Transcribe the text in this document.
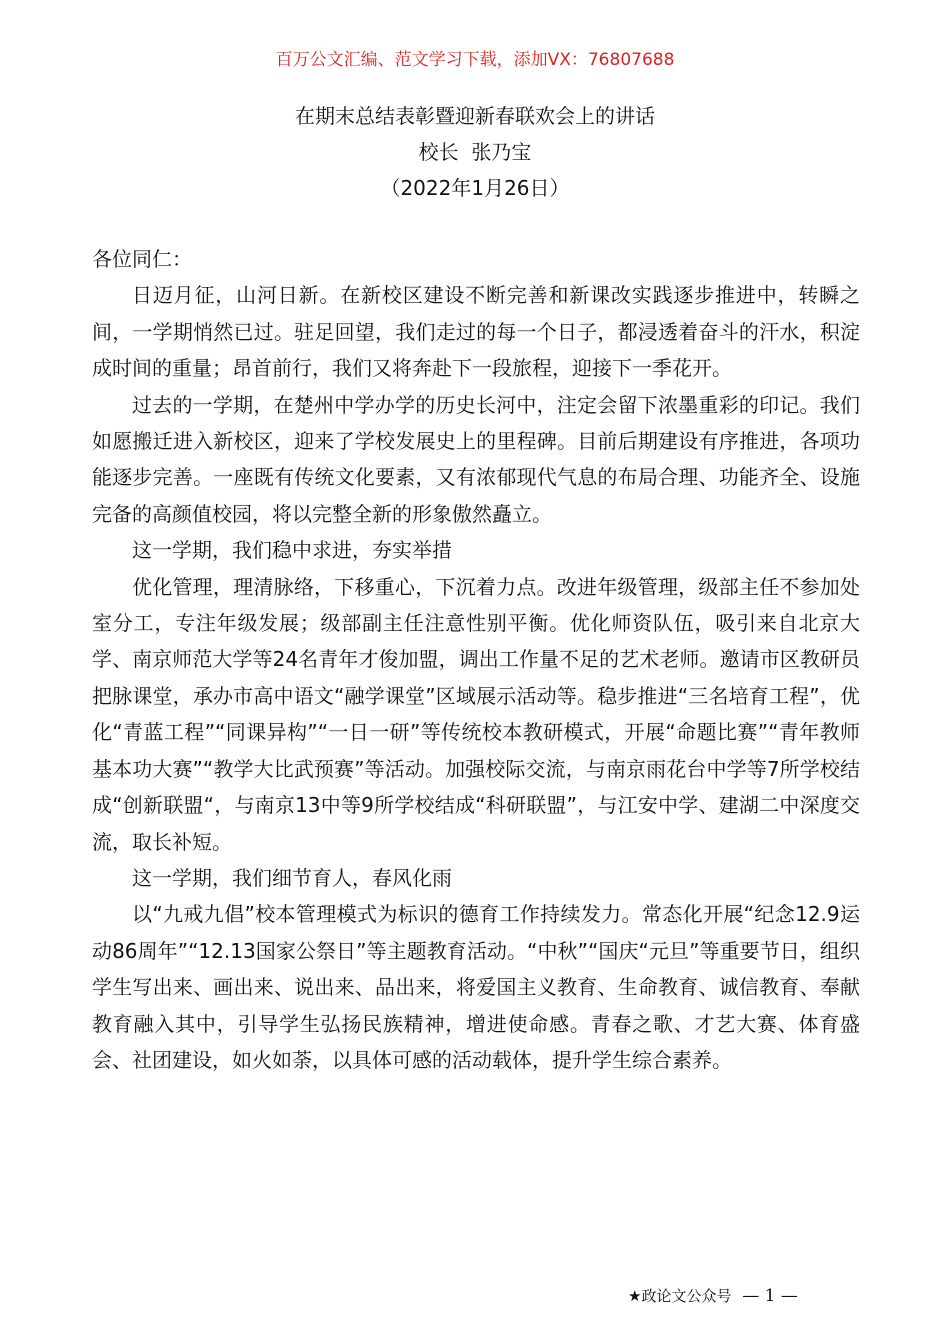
百万公文汇编、范文学习下载，添加VX：76807688
在期末总结表彰暨迎新春联欢会上的讲话
校长  张乃宝
（2022年1月26日）

各位同仁：

日迈月征，山河日新。在新校区建设不断完善和新课改实践逐步推进中，转瞬之间，一学期悄然已过。驻足回望，我们走过的每一个日子，都浸透着奋斗的汗水，积淀成时间的重量；昂首前行，我们又将奔赴下一段旅程，迎接下一季花开。

过去的一学期，在楚州中学办学的历史长河中，注定会留下浓墨重彩的印记。我们如愿搬迁进入新校区，迎来了学校发展史上的里程碑。目前后期建设有序推进，各项功能逐步完善。一座既有传统文化要素，又有浓郁现代气息的布局合理、功能齐全、设施完备的高颜值校园，将以完整全新的形象傲然矗立。

这一学期，我们稳中求进，夯实举措

优化管理，理清脉络，下移重心，下沉着力点。改进年级管理，级部主任不参加处室分工，专注年级发展；级部副主任注意性别平衡。优化师资队伍，吸引来自北京大学、南京师范大学等24名青年才俊加盟，调出工作量不足的艺术老师。邀请市区教研员把脉课堂，承办市高中语文“融学课堂”区域展示活动等。稳步推进“三名培育工程”，优化“青蓝工程”“同课异构”“一日一研”等传统校本教研模式，开展“命题比赛”“青年教师基本功大赛”“教学大比武预赛”等活动。加强校际交流，与南京雨花台中学等7所学校结成“创新联盟“，与南京13中等9所学校结成“科研联盟”，与江安中学、建湖二中深度交流，取长补短。

这一学期，我们细节育人，春风化雨

以“九戒九倡”校本管理模式为标识的德育工作持续发力。常态化开展“纪念12.9运动86周年”“12.13国家公祭日”等主题教育活动。“中秋”“国庆“元旦”等重要节日，组织学生写出来、画出来、说出来、品出来，将爱国主义教育、生命教育、诚信教育、奉献教育融入其中，引导学生弘扬民族精神，增进使命感。青春之歌、才艺大赛、体育盛会、社团建设，如火如荼，以具体可感的活动载体，提升学生综合素养。

★政论文公众号 — 1 —
